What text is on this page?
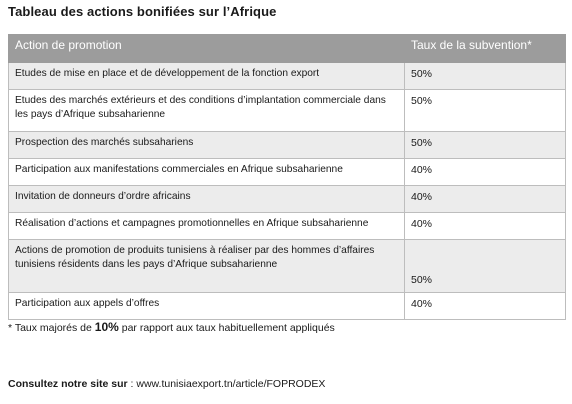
Tableau des actions bonifiées sur l’Afrique
Action de promotion	Taux de la subvention*
Etudes de mise en place et de développement de la fonction export	50%
Etudes des marchés extérieurs et des conditions d’implantation commerciale dans les pays d’Afrique subsaharienne	50%
Prospection des marchés subsahariens	50%
Participation aux manifestations commerciales en Afrique subsaharienne	40%
Invitation de donneurs d’ordre africains	40%
Réalisation d’actions et campagnes promotionnelles en Afrique subsaharienne	40%
Actions de promotion de produits tunisiens à réaliser par des hommes d’affaires tunisiens résidents dans les pays d’Afrique subsaharienne	50%
Participation aux appels d’offres	40%
* Taux majorés de 10% par rapport aux taux habituellement appliqués
Consultez notre site sur : www.tunisiaexport.tn/article/FOPRODEX
